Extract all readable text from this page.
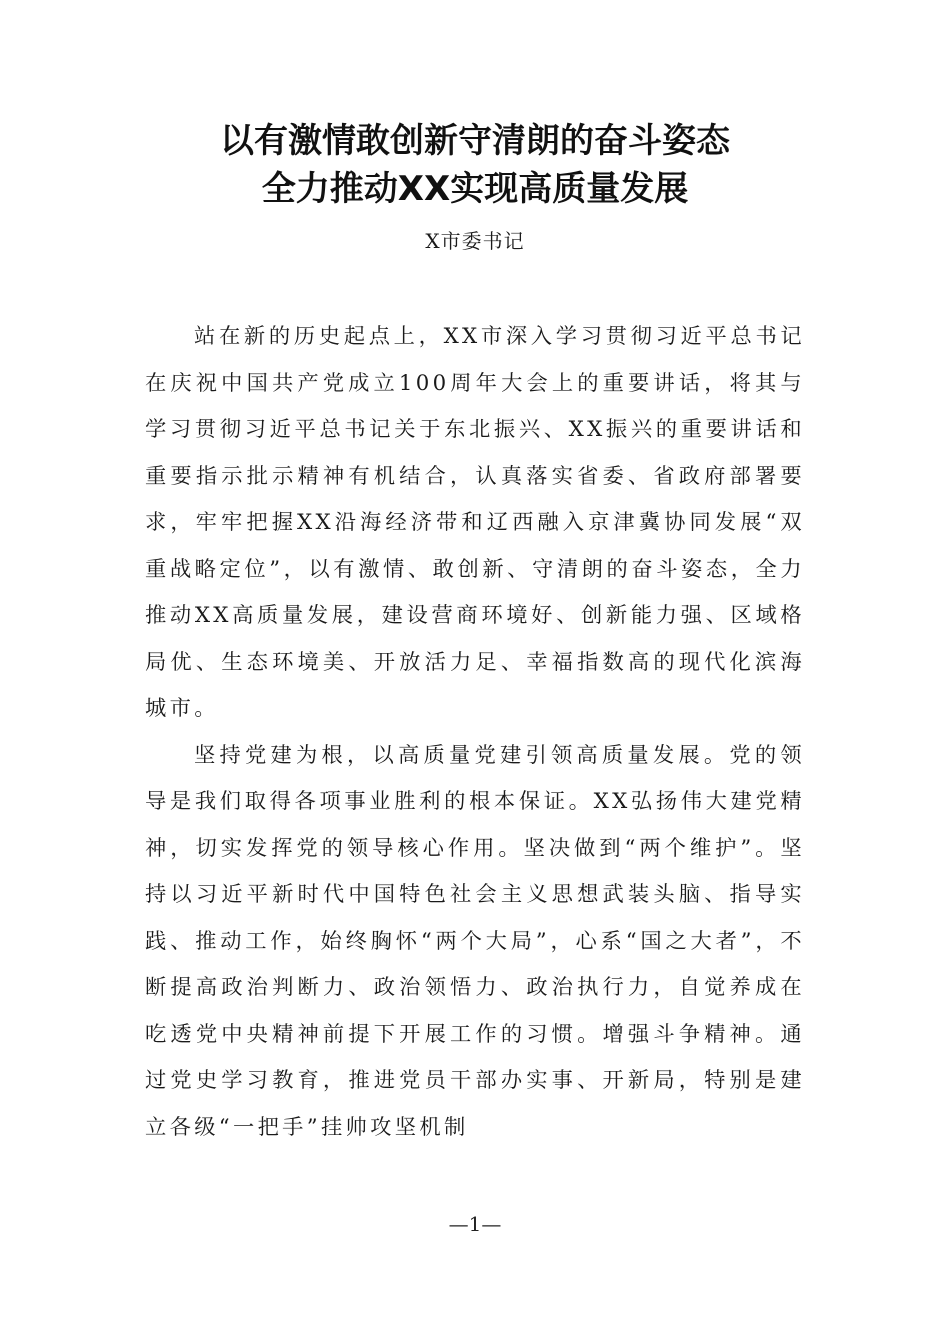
以有激情敢创新守清朗的奋斗姿态
全力推动XX实现高质量发展
X市委书记

站在新的历史起点上，XX市深入学习贯彻习近平总书记在庆祝中国共产党成立100周年大会上的重要讲话，将其与学习贯彻习近平总书记关于东北振兴、XX振兴的重要讲话和重要指示批示精神有机结合，认真落实省委、省政府部署要求，牢牢把握XX沿海经济带和辽西融入京津冀协同发展“双重战略定位”，以有激情、敢创新、守清朗的奋斗姿态，全力推动XX高质量发展，建设营商环境好、创新能力强、区域格局优、生态环境美、开放活力足、幸福指数高的现代化滨海城市。

坚持党建为根，以高质量党建引领高质量发展。党的领导是我们取得各项事业胜利的根本保证。XX弘扬伟大建党精神，切实发挥党的领导核心作用。坚决做到“两个维护”。坚持以习近平新时代中国特色社会主义思想武装头脑、指导实践、推动工作，始终胸怀“两个大局”，心系“国之大者”，不断提高政治判断力、政治领悟力、政治执行力，自觉养成在吃透党中央精神前提下开展工作的习惯。增强斗争精神。通过党史学习教育，推进党员干部办实事、开新局，特别是建立各级“一把手”挂帅攻坚机制

—1—
